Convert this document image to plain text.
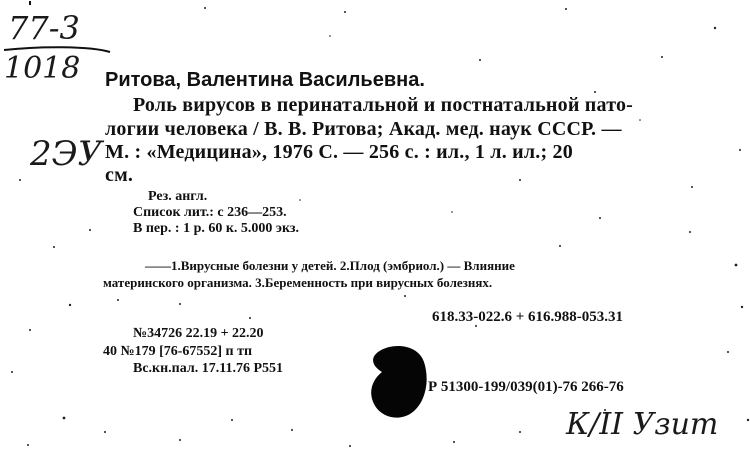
77-3
1018
2ЭУ
Ритова, Валентина Васильевна.
Роль вирусов в перинатальной и постнатальной пато-
логии человека / В. В. Ритова; Акад. мед. наук СССР. —
М. : «Медицина», 1976 С. — 256 с. : ил., 1 л. ил.; 20
см.
Рез. англ.
Список лит.: с 236—253.
В пер. : 1 р. 60 к. 5.000 экз.
——1.Вирусные болезни у детей. 2.Плод (эмбриол.) — Влияние
материнского организма. 3.Беременность при вирусных болезнях.
618.33-022.6 + 616.988-053.31
№34726 22.19 + 22.20
40 №179 [76-67552] п тп
Вс.кн.пал. 17.11.76 Р551
Р 51300-199/039(01)-76 266-76
К/II Узит
